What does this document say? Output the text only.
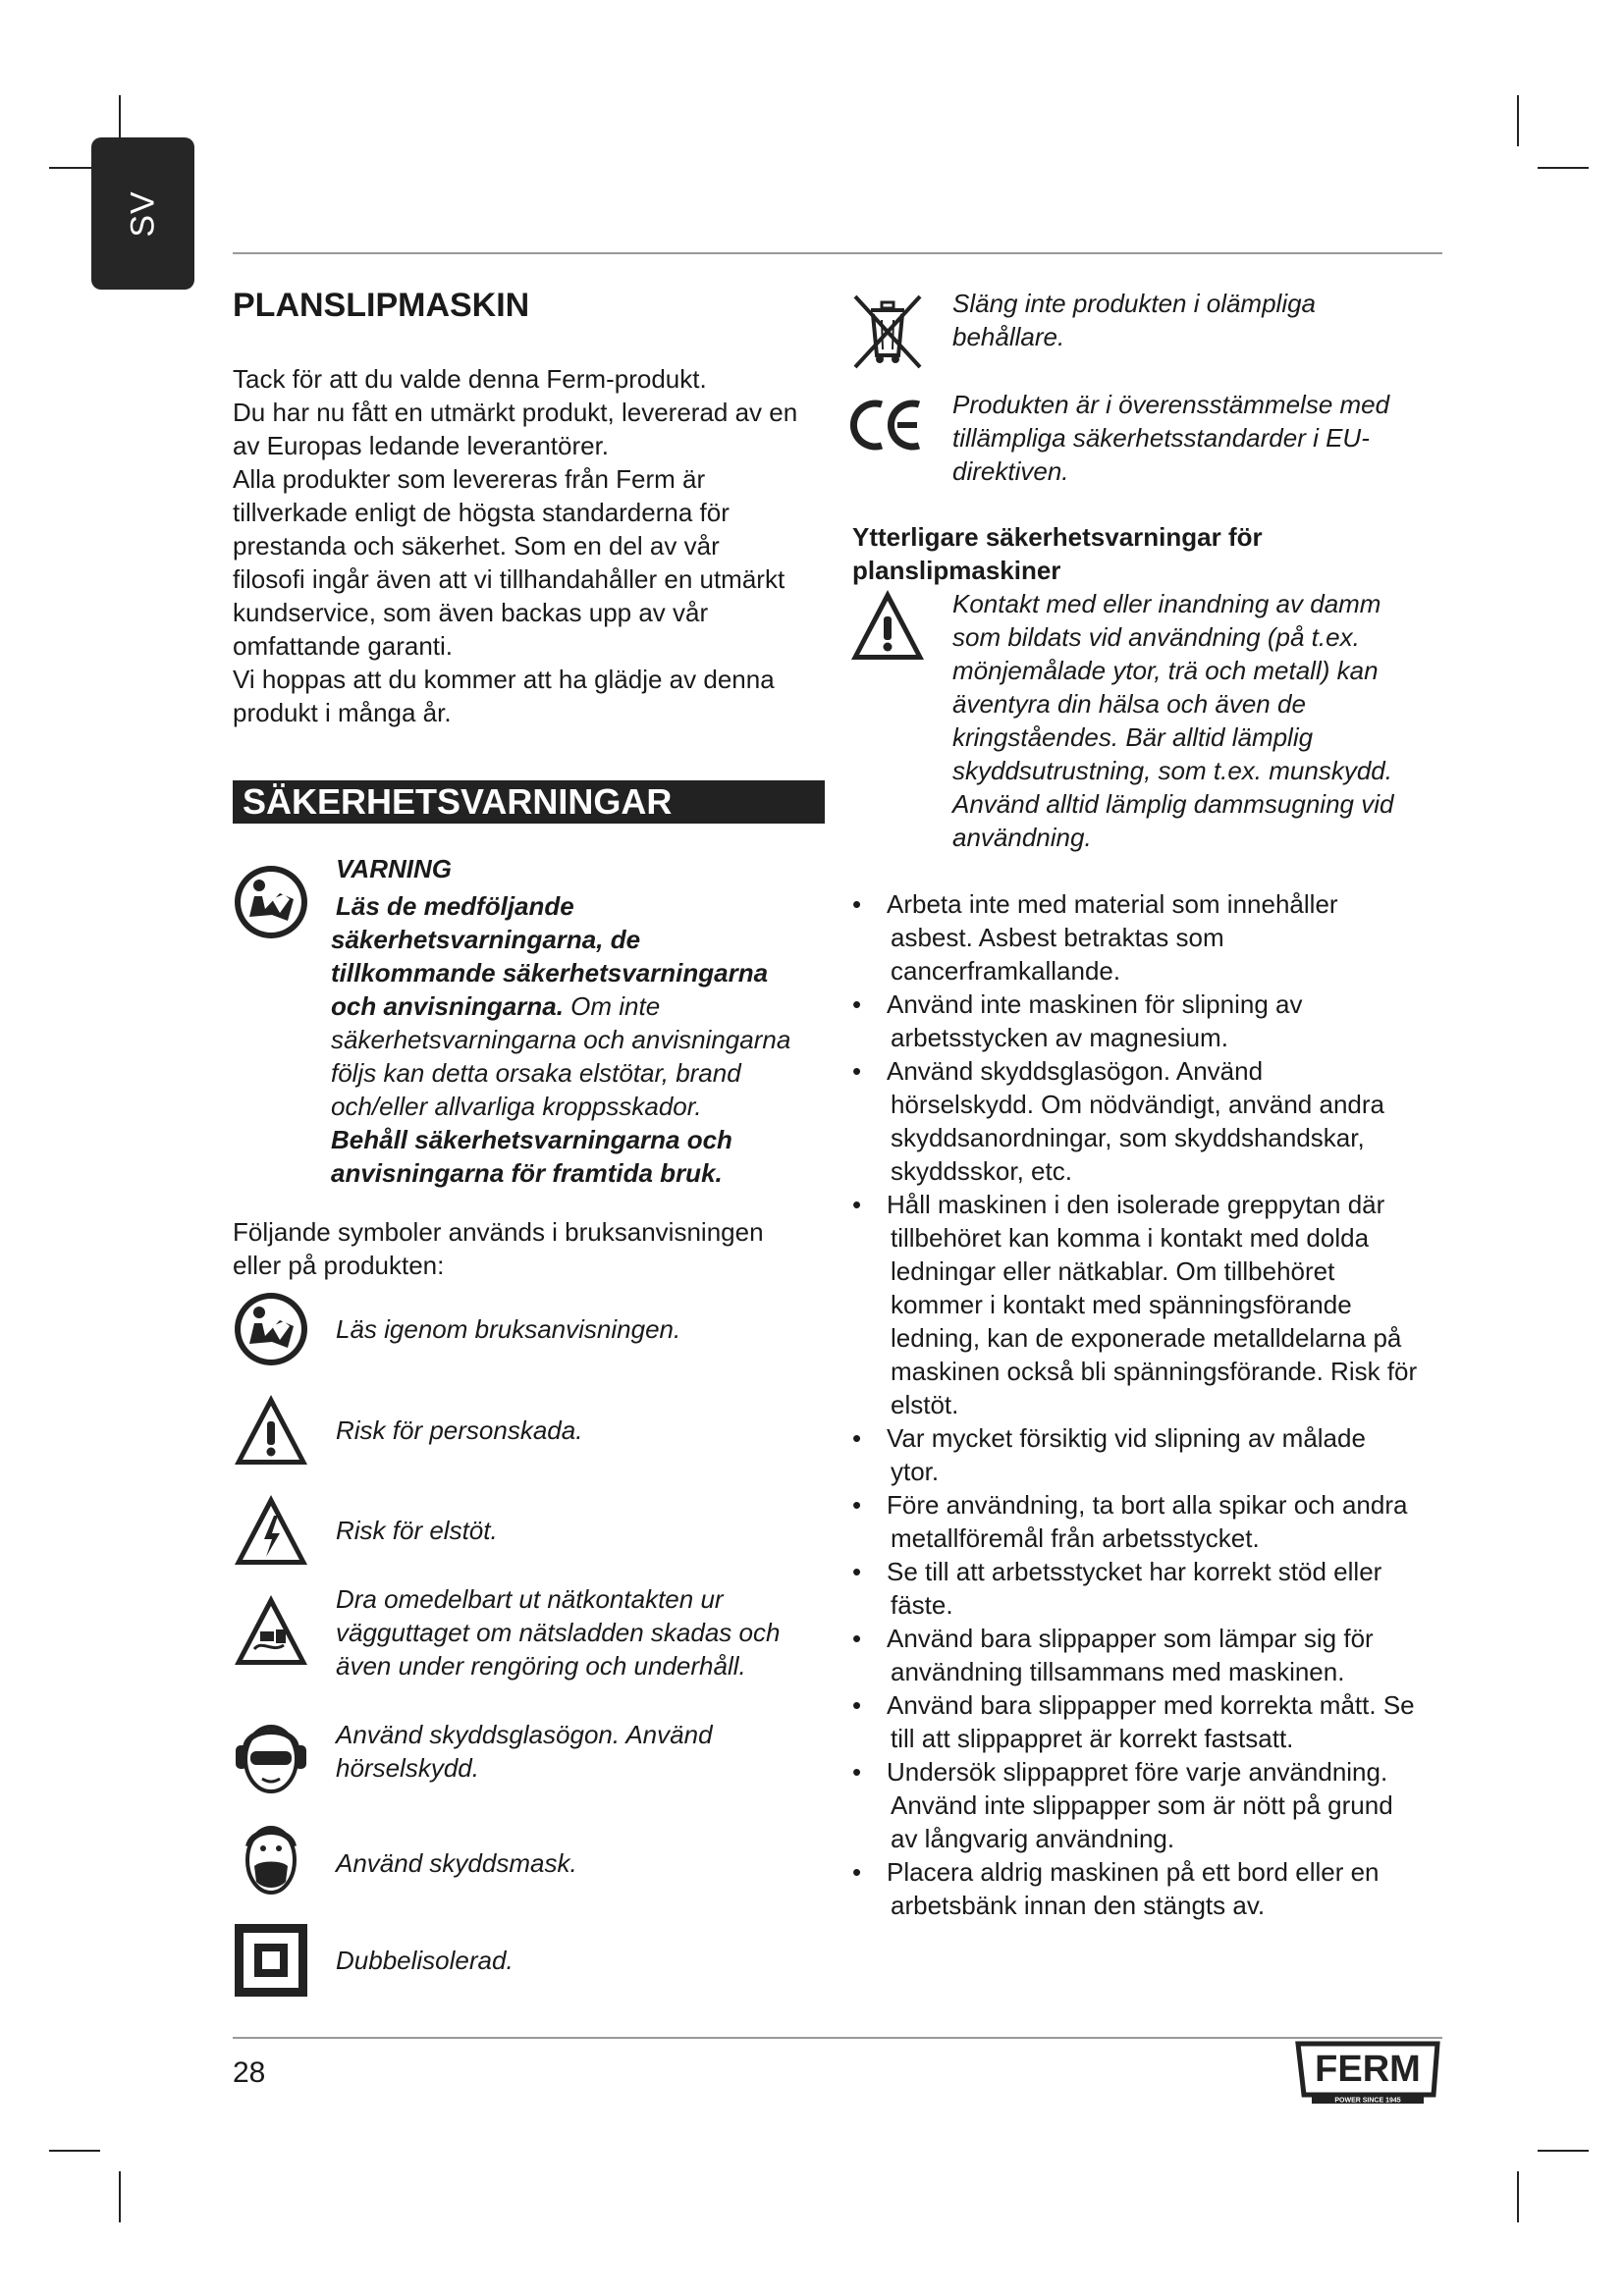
SV
PLANSLIPMASKIN

Tack för att du valde denna Ferm-produkt.

Du har nu fått en utmärkt produkt, levererad av en

av Europas ledande leverantörer.

Alla produkter som levereras från Ferm är

tillverkade enligt de högsta standarderna för

prestanda och säkerhet. Som en del av vår

filosofi ingår även att vi tillhandahåller en utmärkt

kundservice, som även backas upp av vår

omfattande garanti.

Vi hoppas att du kommer att ha glädje av denna

produkt i många år.

SÄKERHETSVARNINGAR
VARNING
Läs de medföljande
säkerhetsvarningarna, de
tillkommande säkerhetsvarningarna
och anvisningarna. Om inte
säkerhetsvarningarna och anvisningarna
följs kan detta orsaka elstötar, brand
och/eller allvarliga kroppsskador.
Behåll säkerhetsvarningarna och
anvisningarna för framtida bruk.

Följande symboler används i bruksanvisningen

eller på produkten:

Läs igenom bruksanvisningen.
Risk för personskada.
Risk för elstöt.
Dra omedelbart ut nätkontakten ur
vägguttaget om nätsladden skadas och
även under rengöring och underhåll.
Använd skyddsglasögon. Använd
hörselskydd.
Använd skyddsmask.
Dubbelisolerad.
Släng inte produkten i olämpliga
behållare.
Produkten är i överensstämmelse med
tillämpliga säkerhetsstandarder i EU-
direktiven.
Ytterligare säkerhetsvarningar för
planslipmaskiner
Kontakt med eller inandning av damm
som bildats vid användning (på t.ex.
mönjemålade ytor, trä och metall) kan
äventyra din hälsa och även de
kringståendes. Bär alltid lämplig
skyddsutrustning, som t.ex. munskydd.
Använd alltid lämplig dammsugning vid
användning.
• Arbeta inte med material som innehåller
asbest. Asbest betraktas som
cancerframkallande.
• Använd inte maskinen för slipning av
arbetsstycken av magnesium.
• Använd skyddsglasögon. Använd
hörselskydd. Om nödvändigt, använd andra
skyddsanordningar, som skyddshandskar,
skyddsskor, etc.
• Håll maskinen i den isolerade greppytan där
tillbehöret kan komma i kontakt med dolda
ledningar eller nätkablar. Om tillbehöret
kommer i kontakt med spänningsförande
ledning, kan de exponerade metalldelarna på
maskinen också bli spänningsförande. Risk för
elstöt.
• Var mycket försiktig vid slipning av målade
ytor.
• Före användning, ta bort alla spikar och andra
metallföremål från arbetsstycket.
• Se till att arbetsstycket har korrekt stöd eller
fäste.
• Använd bara slippapper som lämpar sig för
användning tillsammans med maskinen.
• Använd bara slippapper med korrekta mått. Se
till att slippappret är korrekt fastsatt.
• Undersök slippappret före varje användning.
Använd inte slippapper som är nött på grund
av långvarig användning.
• Placera aldrig maskinen på ett bord eller en
arbetsbänk innan den stängts av.
28	FERM
POWER SINCE 1945
